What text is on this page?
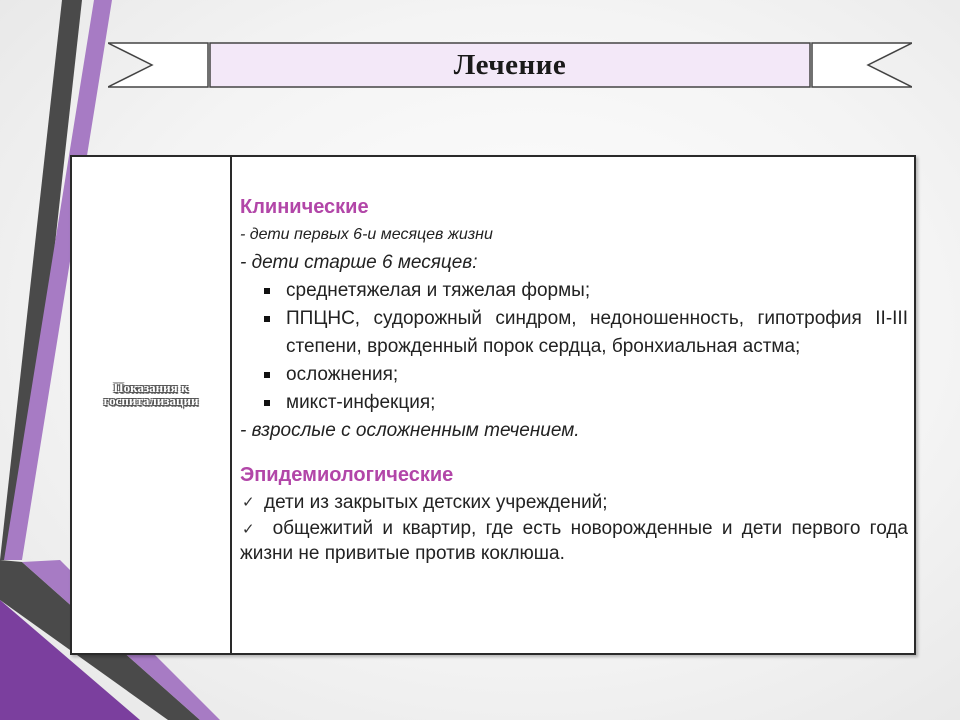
Лечение
Показания к
госпитализации
Клинические
- дети первых 6-и месяцев жизни
- дети старше 6 месяцев:
среднетяжелая и тяжелая формы;
ППЦНС, судорожный синдром, недоношенность, гипотрофия II-III степени, врожденный порок сердца, бронхиальная астма;
осложнения;
микст-инфекция;
- взрослые с осложненным течением.
Эпидемиологические
✓ дети из закрытых детских учреждений;
✓ общежитий и квартир, где есть новорожденные и дети первого года жизни не привитые против коклюша.
